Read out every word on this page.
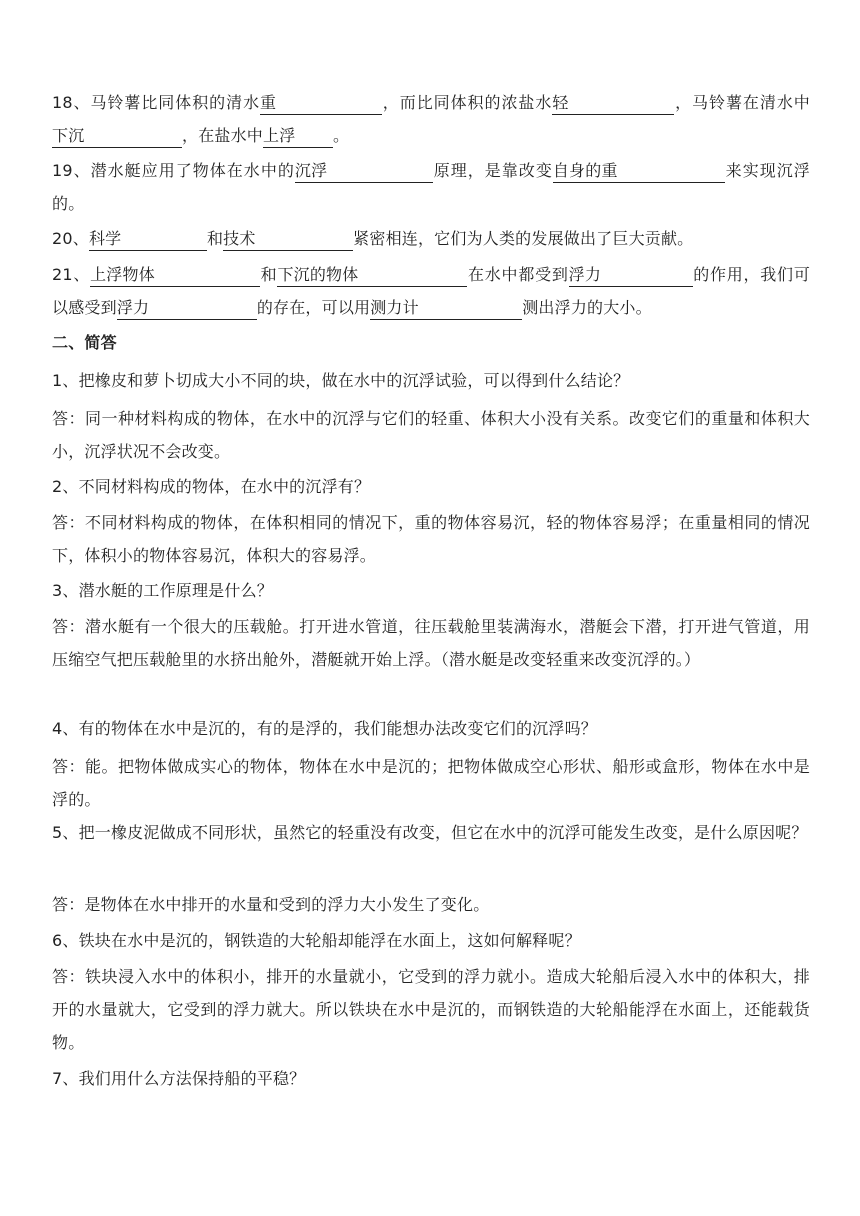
18、马铃薯比同体积的清水重	，而比同体积的浓盐水轻	，马铃薯在清水中下沉	，在盐水中上浮 。
19、潜水艇应用了物体在水中的沉浮	原理，是靠改变自身的重	来实现沉浮的。
20、科学	和技术	紧密相连，它们为人类的发展做出了巨大贡献。
21、上浮物体	和下沉的物体	在水中都受到浮力	的作用，我们可以感受到浮力	的存在，可以用测力计	测出浮力的大小。
二、简答
1、把橡皮和萝卜切成大小不同的块，做在水中的沉浮试验，可以得到什么结论？
答：同一种材料构成的物体，在水中的沉浮与它们的轻重、体积大小没有关系。改变它们的重量和体积大小，沉浮状况不会改变。
2、不同材料构成的物体，在水中的沉浮有？
答：不同材料构成的物体，在体积相同的情况下，重的物体容易沉，轻的物体容易浮；在重量相同的情况下，体积小的物体容易沉，体积大的容易浮。
3、潜水艇的工作原理是什么？
答：潜水艇有一个很大的压载舱。打开进水管道，往压载舱里装满海水，潜艇会下潜，打开进气管道，用压缩空气把压载舱里的水挤出舱外，潜艇就开始上浮。（潜水艇是改变轻重来改变沉浮的。）
4、有的物体在水中是沉的，有的是浮的，我们能想办法改变它们的沉浮吗？
答：能。把物体做成实心的物体，物体在水中是沉的；把物体做成空心形状、船形或盒形，物体在水中是浮的。
5、把一橡皮泥做成不同形状，虽然它的轻重没有改变，但它在水中的沉浮可能发生改变，是什么原因呢？
答：是物体在水中排开的水量和受到的浮力大小发生了变化。
6、铁块在水中是沉的，钢铁造的大轮船却能浮在水面上，这如何解释呢？
答：铁块浸入水中的体积小，排开的水量就小，它受到的浮力就小。造成大轮船后浸入水中的体积大，排开的水量就大，它受到的浮力就大。所以铁块在水中是沉的，而钢铁造的大轮船能浮在水面上，还能载货物。
7、我们用什么方法保持船的平稳？
